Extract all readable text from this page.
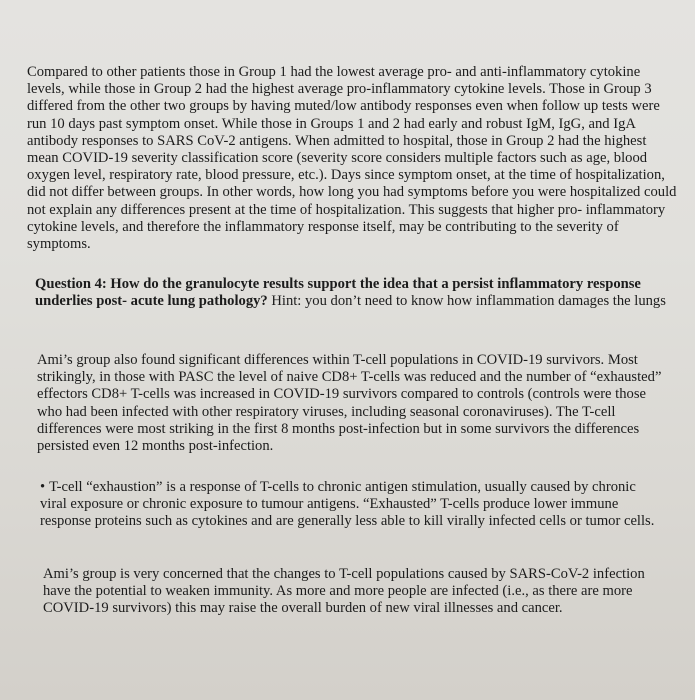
Compared to other patients those in Group 1 had the lowest average pro- and anti-inflammatory cytokine levels, while those in Group 2 had the highest average pro-inflammatory cytokine levels. Those in Group 3 differed from the other two groups by having muted/low antibody responses even when follow up tests were run 10 days past symptom onset. While those in Groups 1 and 2 had early and robust IgM, IgG, and IgA antibody responses to SARS CoV-2 antigens. When admitted to hospital, those in Group 2 had the highest mean COVID-19 severity classification score (severity score considers multiple factors such as age, blood oxygen level, respiratory rate, blood pressure, etc.). Days since symptom onset, at the time of hospitalization, did not differ between groups. In other words, how long you had symptoms before you were hospitalized could not explain any differences present at the time of hospitalization. This suggests that higher pro- inflammatory cytokine levels, and therefore the inflammatory response itself, may be contributing to the severity of symptoms.

Question 4: How do the granulocyte results support the idea that a persist inflammatory response underlies post- acute lung pathology? Hint: you don’t need to know how inflammation damages the lungs

Ami’s group also found significant differences within T-cell populations in COVID-19 survivors. Most strikingly, in those with PASC the level of naive CD8+ T-cells was reduced and the number of “exhausted” effectors CD8+ T-cells was increased in COVID-19 survivors compared to controls (controls were those who had been infected with other respiratory viruses, including seasonal coronaviruses). The T-cell differences were most striking in the first 8 months post-infection but in some survivors the differences persisted even 12 months post-infection.

• T-cell “exhaustion” is a response of T-cells to chronic antigen stimulation, usually caused by chronic viral exposure or chronic exposure to tumour antigens. “Exhausted” T-cells produce lower immune response proteins such as cytokines and are generally less able to kill virally infected cells or tumor cells.

Ami’s group is very concerned that the changes to T-cell populations caused by SARS-CoV-2 infection have the potential to weaken immunity. As more and more people are infected (i.e., as there are more COVID-19 survivors) this may raise the overall burden of new viral illnesses and cancer.
